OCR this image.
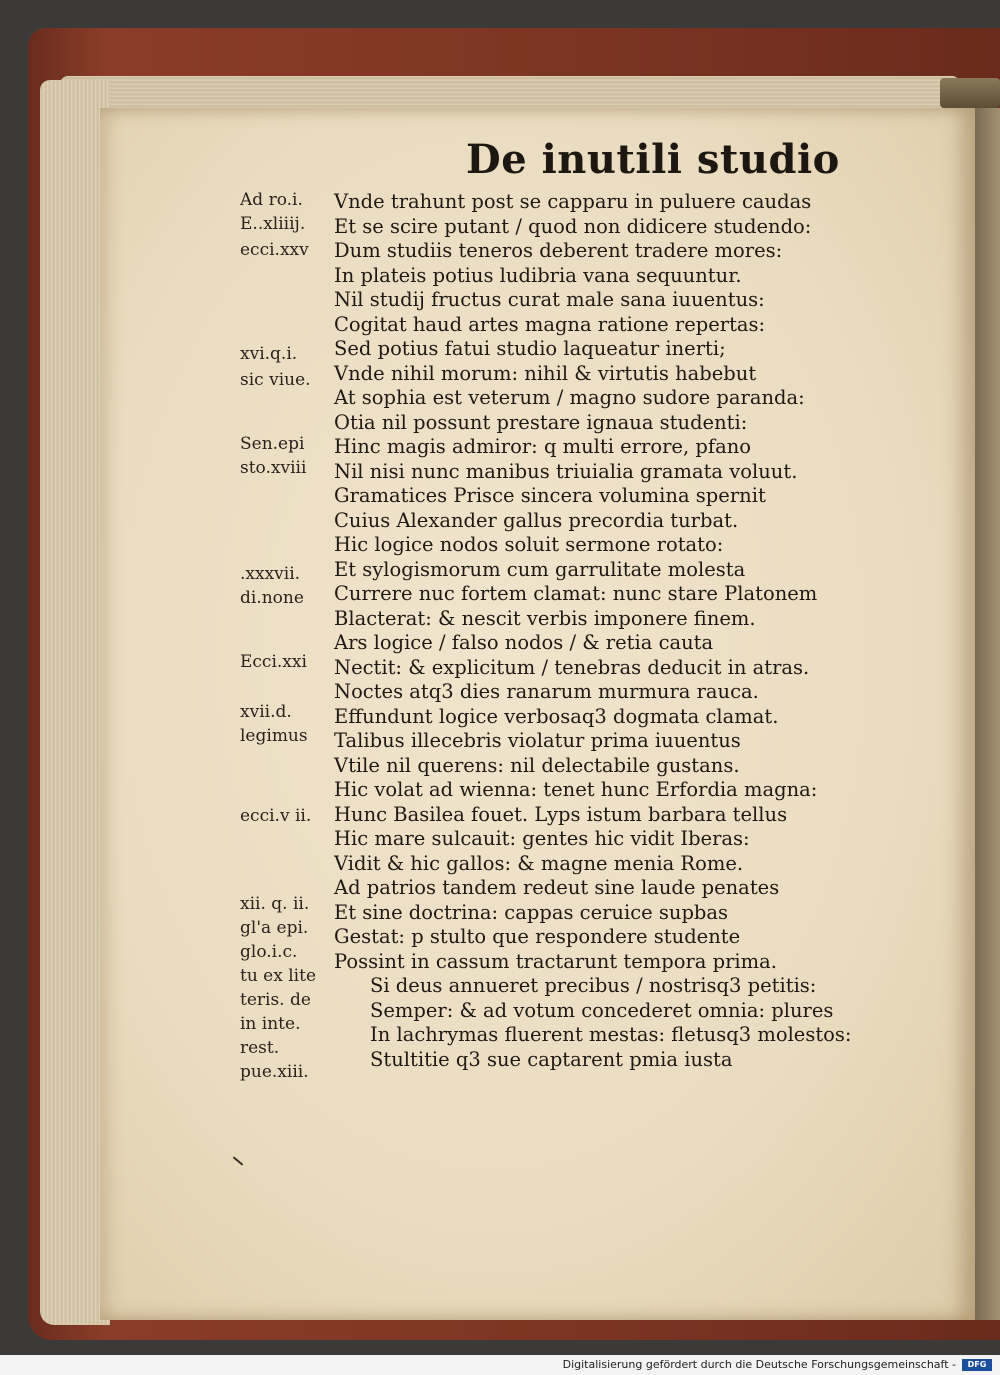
De inutili studio
Ad ro.i.
E..xliiij.
ecci.xxv
xvi.q.i.
sic viue.
Sen.epi
sto.xviii
.xxxvii.
di.none
Ecci.xxi
xvii.d.
legimus
ecci.v ii.
xii. q. ii.
gl'a epi.
glo.i.c.
tu ex lite
teris. de
in inte.
rest.
pue.xiii.
Vnde trahunt post se capparu in puluere caudas
Et se scire putant / quod non didicere studendo:
Dum studiis teneros deberent tradere mores:
In plateis potius ludibria vana sequuntur.
Nil studij fructus curat male sana iuuentus:
Cogitat haud artes magna ratione repertas:
Sed potius fatui studio laqueatur inerti;
Vnde nihil morum: nihil & virtutis habebut
At sophia est veterum / magno sudore paranda:
Otia nil possunt prestare ignaua studenti:
Hinc magis admiror: q multi errore, pfano
Nil nisi nunc manibus triuialia gramata voluut.
Gramatices Prisce sincera volumina spernit
Cuius Alexander gallus precordia turbat.
Hic logice nodos soluit sermone rotato:
Et sylogismorum cum garrulitate molesta
Currere nuc fortem clamat: nunc stare Platonem
Blacterat: & nescit verbis imponere finem.
Ars logice / falso nodos / & retia cauta
Nectit: & explicitum / tenebras deducit in atras.
Noctes atq3 dies ranarum murmura rauca.
Effundunt logice verbosaq3 dogmata clamat.
Talibus illecebris violatur prima iuuentus
Vtile nil querens: nil delectabile gustans.
Hic volat ad wienna: tenet hunc Erfordia magna:
Hunc Basilea fouet. Lyps istum barbara tellus
Hic mare sulcauit: gentes hic vidit Iberas:
Vidit & hic gallos: & magne menia Rome.
Ad patrios tandem redeut sine laude penates
Et sine doctrina: cappas ceruice supbas
Gestat: p stulto que respondere studente
Possint in cassum tractarunt tempora prima.
Si deus annueret precibus / nostrisq3 petitis:
Semper: & ad votum concederet omnia: plures
In lachrymas fluerent mestas: fletusq3 molestos:
Stultitie q3 sue captarent pmia iusta
Digitalisierung gefördert durch die Deutsche Forschungsgemeinschaft -	DFG
